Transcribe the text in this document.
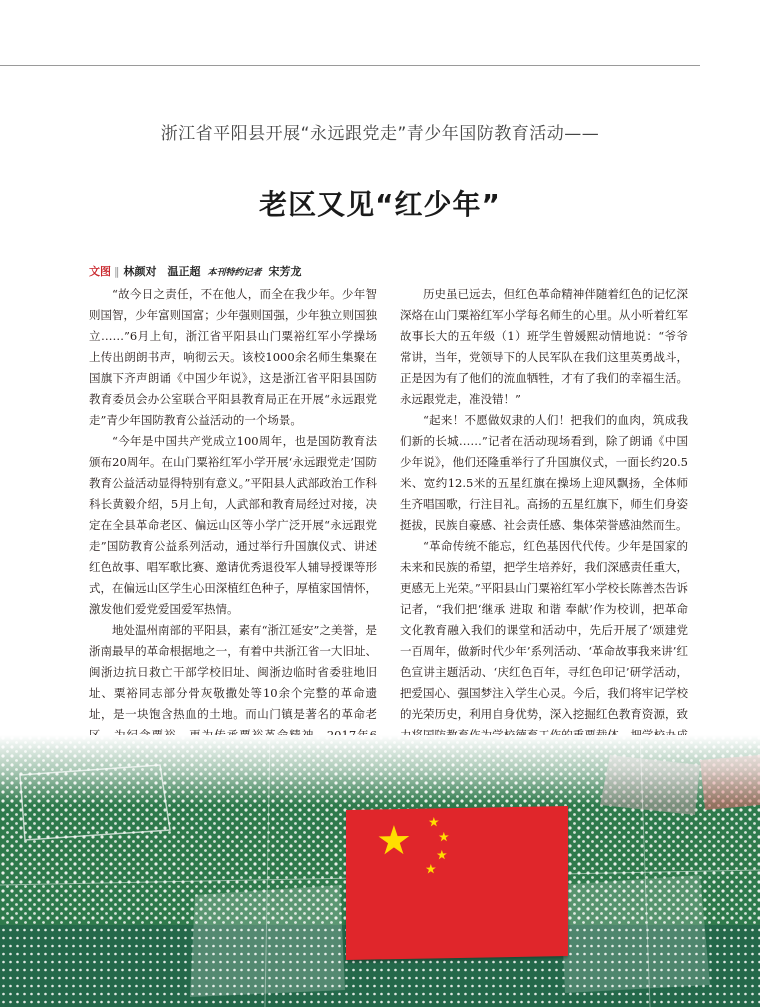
浙江省平阳县开展“永远跟党走”青少年国防教育活动——
老区又见“红少年”
文图 ‖ 林颜对　温正超 本刊特约记者 宋芳龙

“故今日之责任，不在他人，而全在我少年。少年智则国智，少年富则国富；少年强则国强，少年独立则国独立……”6月上旬，浙江省平阳县山门粟裕红军小学操场上传出朗朗书声，响彻云天。该校1000余名师生集聚在国旗下齐声朗诵《中国少年说》，这是浙江省平阳县国防教育委员会办公室联合平阳县教育局正在开展“永远跟党走”青少年国防教育公益活动的一个场景。

“今年是中国共产党成立100周年，也是国防教育法颁布20周年。在山门粟裕红军小学开展‘永远跟党走’国防教育公益活动显得特别有意义。”平阳县人武部政治工作科科长黄毅介绍，5月上旬，人武部和教育局经过对接，决定在全县革命老区、偏远山区等小学广泛开展“永远跟党走”国防教育公益系列活动，通过举行升国旗仪式、讲述红色故事、唱军歌比赛、邀请优秀退役军人辅导授课等形式，在偏远山区学生心田深植红色种子，厚植家国情怀，激发他们爱党爱国爱军热情。

地处温州南部的平阳县，素有“浙江延安”之美誉，是浙南最早的革命根据地之一，有着中共浙江省一大旧址、闽浙边抗日救亡干部学校旧址、闽浙边临时省委驻地旧址、粟裕同志部分骨灰敬撒处等10余个完整的革命遗址，是一块饱含热血的土地。而山门镇是著名的革命老

历史虽已远去，但红色革命精神伴随着红色的记忆深深烙在山门粟裕红军小学每名师生的心里。从小听着红军故事长大的五年级（1）班学生曾媛熙动情地说：“爷爷常讲，当年，党领导下的人民军队在我们这里英勇战斗，正是因为有了他们的流血牺牲，才有了我们的幸福生活。永远跟党走，准没错！”

“起来！不愿做奴隶的人们！把我们的血肉，筑成我们新的长城……”记者在活动现场看到，除了朗诵《中国少年说》，他们还隆重举行了升国旗仪式，一面长约20.5米、宽约12.5米的五星红旗在操场上迎风飘扬，全体师生齐唱国歌，行注目礼。高扬的五星红旗下，师生们身姿挺拔，民族自豪感、社会责任感、集体荣誉感油然而生。

“革命传统不能忘，红色基因代代传。少年是国家的未来和民族的希望，把学生培养好，我们深感责任重大，更感无上光荣。”平阳县山门粟裕红军小学校长陈善杰告诉记者，“我们把‘继承 进取 和谐 奉献’作为校训，把革命文化教育融入我们的课堂和活动中，先后开展了‘颂建党一百周年，做新时代少年’系列活动、‘革命故事我来讲’红色宣讲主题活动、‘庆红色百年，寻红色印记’研学活动，把爱国心、强国梦注入学生心灵。今后，我们将牢记学校的光荣历史，利用自身优势，深入挖掘红色教育资源，致

★ ★
★
★
★
